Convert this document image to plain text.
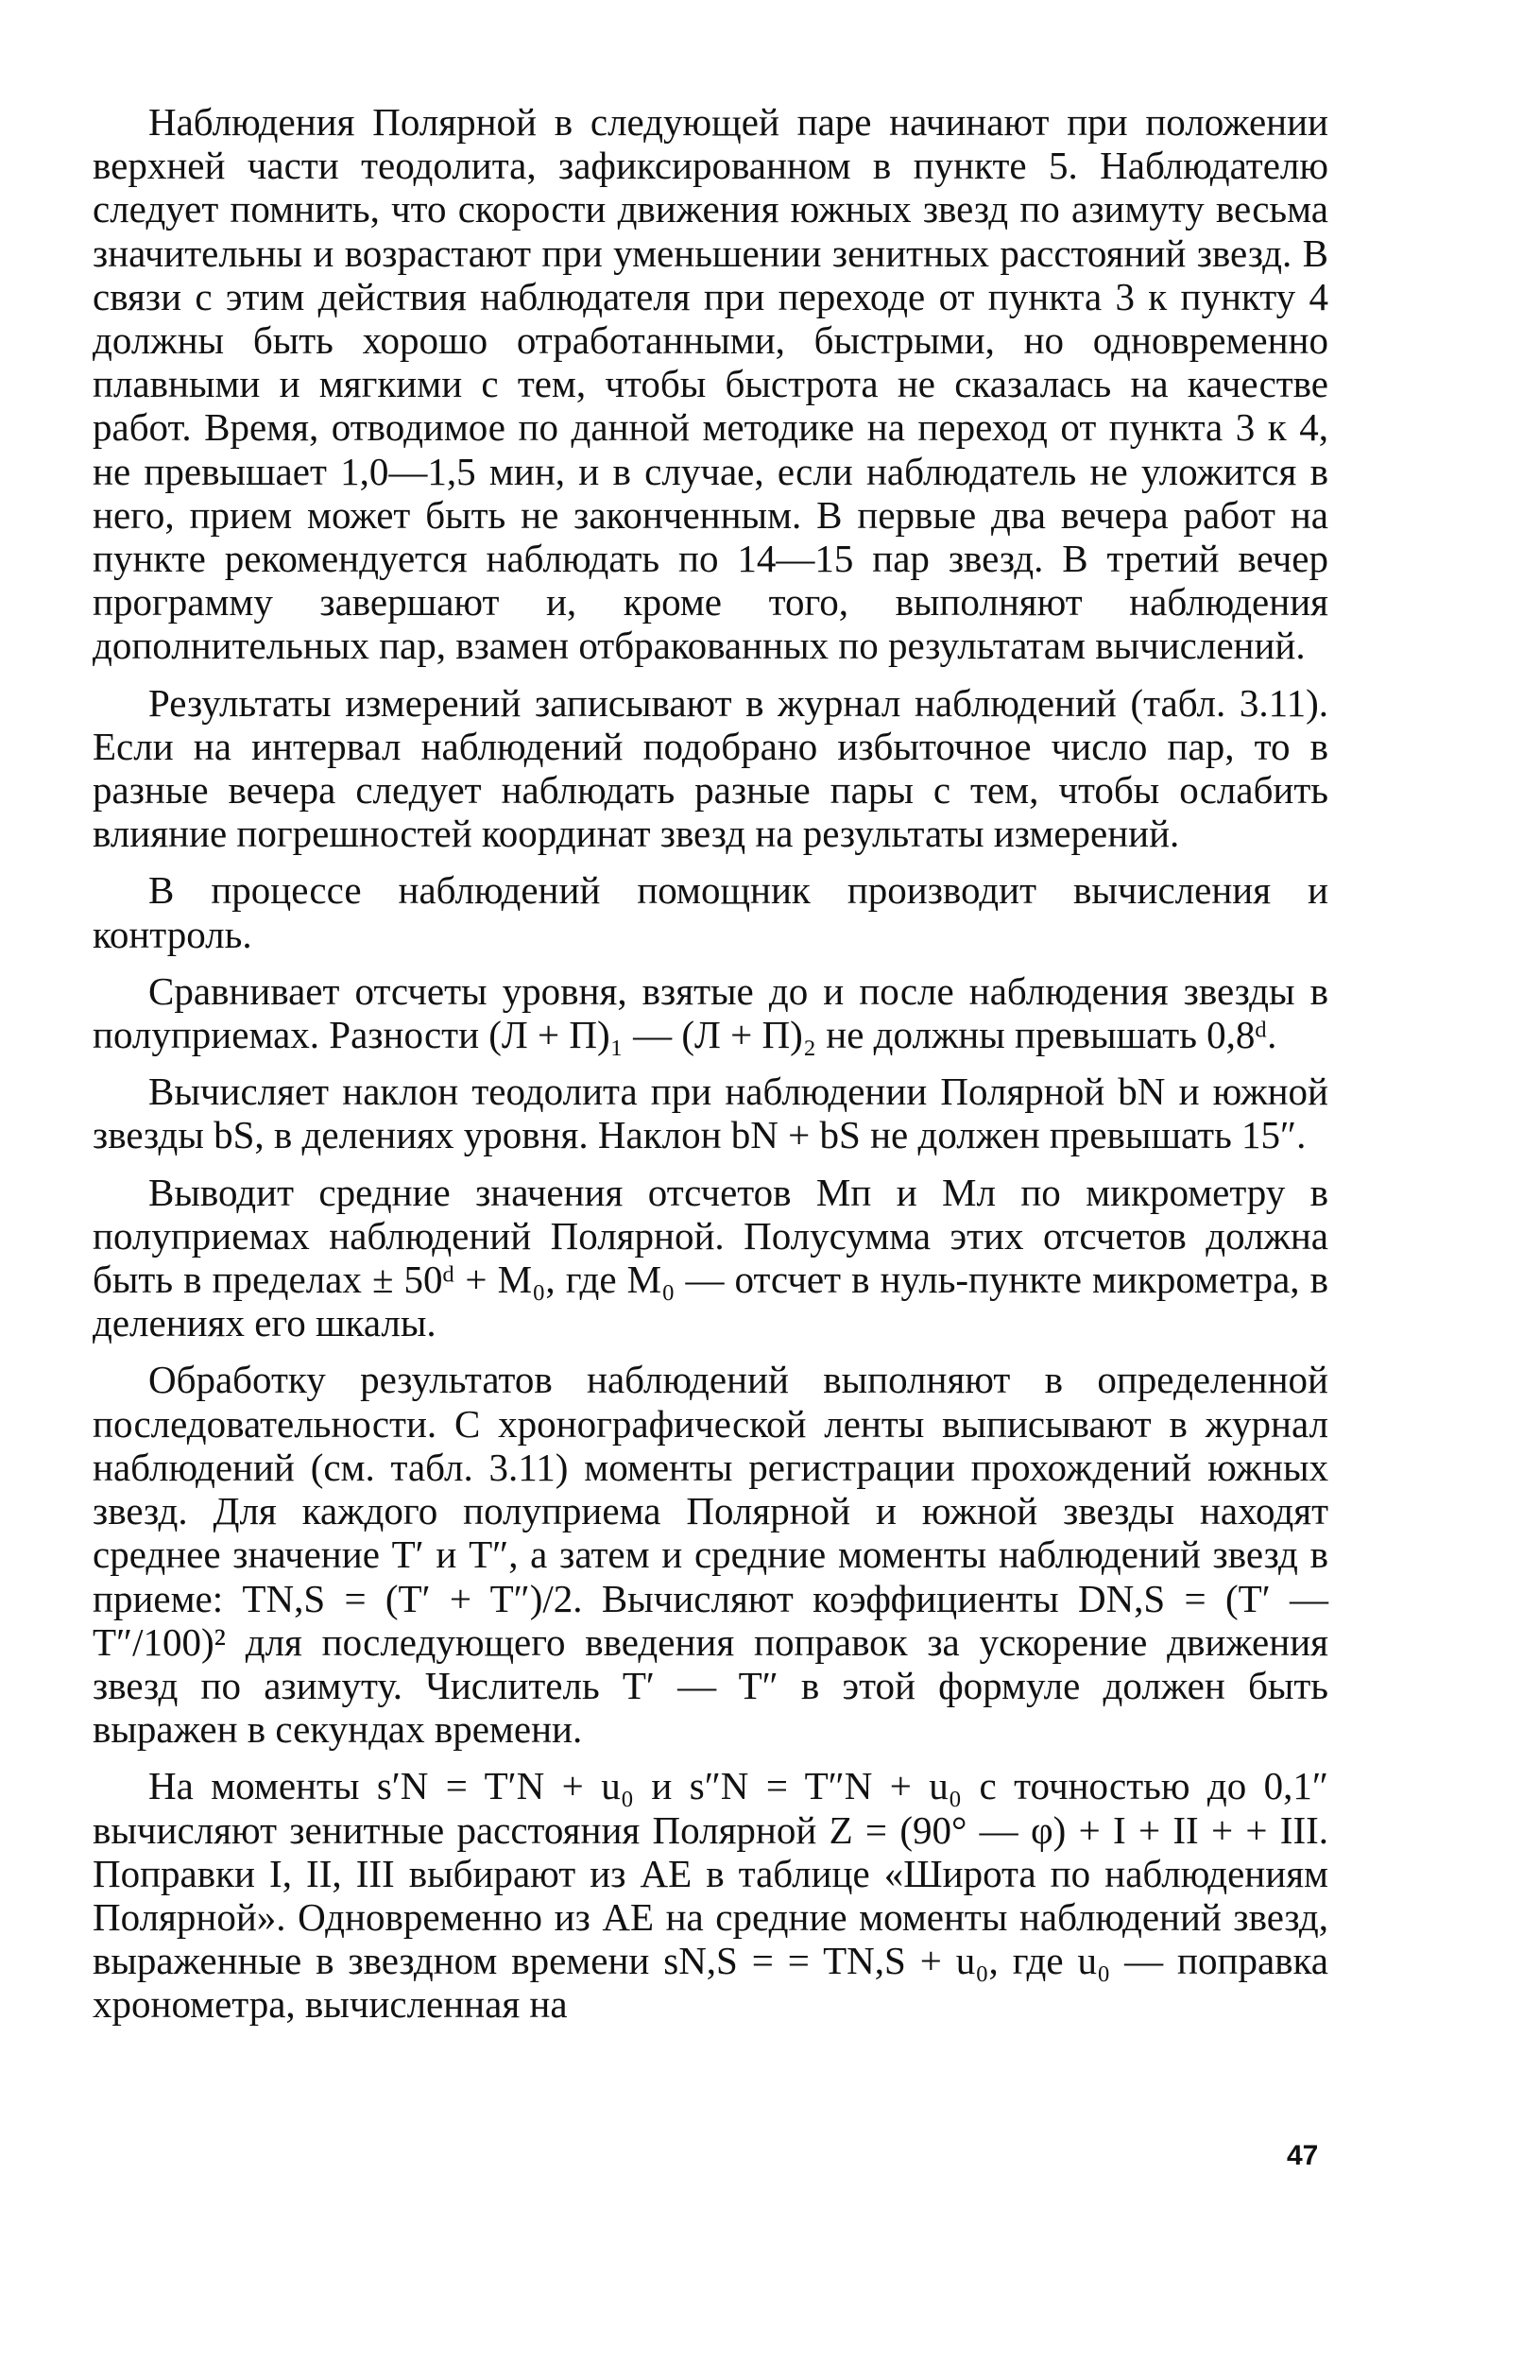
Наблюдения Полярной в следующей паре начинают при положении верхней части теодолита, зафиксированном в пункте 5. Наблюдателю следует помнить, что скорости движения южных звезд по азимуту весьма значительны и возрастают при уменьшении зенитных расстояний звезд. В связи с этим действия наблюдателя при переходе от пункта 3 к пункту 4 должны быть хорошо отработанными, быстрыми, но одновременно плавными и мягкими с тем, чтобы быстрота не сказалась на качестве работ. Время, отводимое по данной методике на переход от пункта 3 к 4, не превышает 1,0—1,5 мин, и в случае, если наблюдатель не уложится в него, прием может быть не законченным. В первые два вечера работ на пункте рекомендуется наблюдать по 14—15 пар звезд. В третий вечер программу завершают и, кроме того, выполняют наблюдения дополнительных пар, взамен отбракованных по результатам вычислений.

Результаты измерений записывают в журнал наблюдений (табл. 3.11). Если на интервал наблюдений подобрано избыточное число пар, то в разные вечера следует наблюдать разные пары с тем, чтобы ослабить влияние погрешностей координат звезд на результаты измерений.

В процессе наблюдений помощник производит вычисления и контроль.

Сравнивает отсчеты уровня, взятые до и после наблюдения звезды в полуприемах. Разности (Л + П)₁ — (Л + П)₂ не должны превышать 0,8ᵈ.

Вычисляет наклон теодолита при наблюдении Полярной bN и южной звезды bS, в делениях уровня. Наклон bN + bS не должен превышать 15″.

Выводит средние значения отсчетов Mп и Mл по микрометру в полуприемах наблюдений Полярной. Полусумма этих отсчетов должна быть в пределах ± 50ᵈ + M₀, где M₀ — отсчет в нуль-пункте микрометра, в делениях его шкалы.

Обработку результатов наблюдений выполняют в определенной последовательности. С хронографической ленты выписывают в журнал наблюдений (см. табл. 3.11) моменты регистрации прохождений южных звезд. Для каждого полуприема Полярной и южной звезды находят среднее значение T′ и T″, а затем и средние моменты наблюдений звезд в приеме: TN,S = (T′ + T″)/2. Вычисляют коэффициенты DN,S = (T′ — T″/100)² для последующего введения поправок за ускорение движения звезд по азимуту. Числитель T′ — T″ в этой формуле должен быть выражен в секундах времени.

На моменты s′N = T′N + u₀ и s″N = T″N + u₀ с точностью до 0,1″ вычисляют зенитные расстояния Полярной Z = (90° — φ) + I + II + + III. Поправки I, II, III выбирают из АЕ в таблице «Широта по наблюдениям Полярной». Одновременно из АЕ на средние моменты наблюдений звезд, выраженные в звездном времени sN,S = = TN,S + u₀, где u₀ — поправка хронометра, вычисленная на

47
